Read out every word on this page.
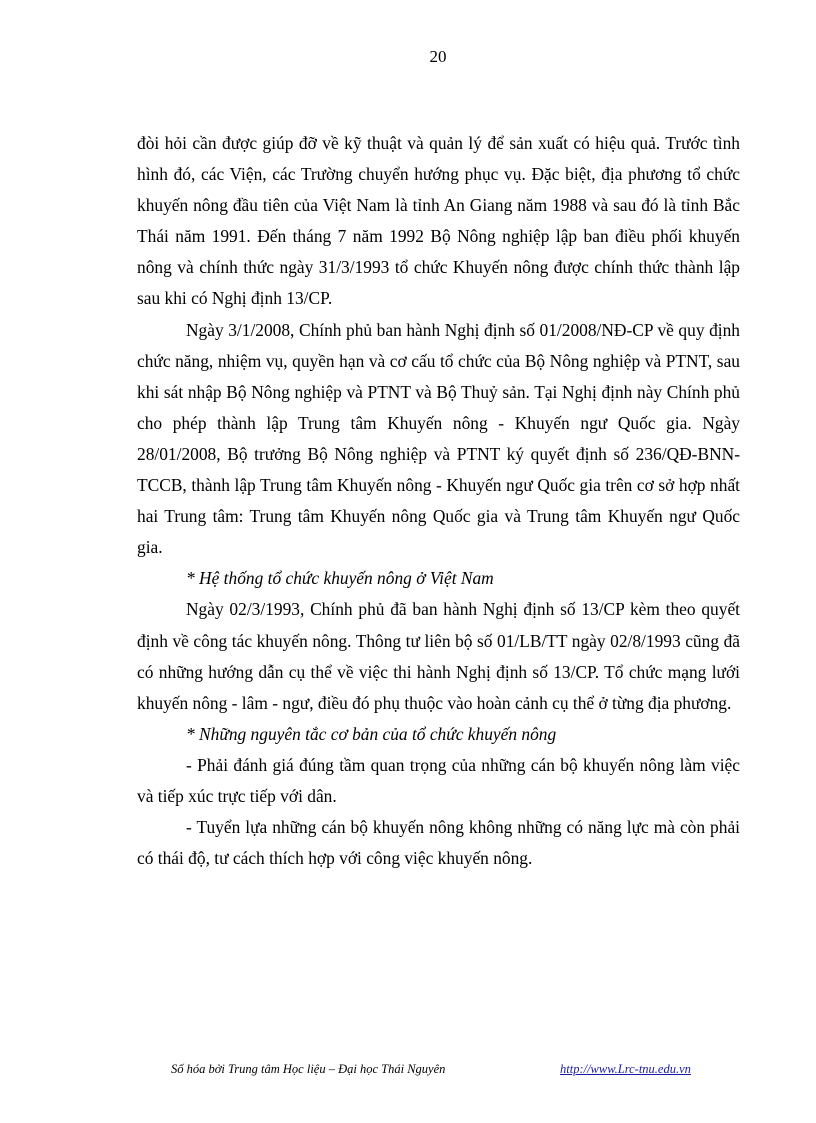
20

đòi hỏi cần được giúp đỡ về kỹ thuật và quản lý để sản xuất có hiệu quả. Trước tình hình đó, các Viện, các Trường chuyển hướng phục vụ. Đặc biệt, địa phương tổ chức khuyến nông đầu tiên của Việt Nam là tỉnh An Giang năm 1988 và sau đó là tỉnh Bắc Thái năm 1991. Đến tháng 7 năm 1992 Bộ Nông nghiệp lập ban điều phối khuyến nông và chính thức ngày 31/3/1993 tổ chức Khuyến nông được chính thức thành lập sau khi có Nghị định 13/CP.

Ngày 3/1/2008, Chính phủ ban hành Nghị định số 01/2008/NĐ-CP về quy định chức năng, nhiệm vụ, quyền hạn và cơ cấu tổ chức của Bộ Nông nghiệp và PTNT, sau khi sát nhập Bộ Nông nghiệp và PTNT và Bộ Thuỷ sản. Tại Nghị định này Chính phủ cho phép thành lập Trung tâm Khuyến nông - Khuyến ngư Quốc gia. Ngày 28/01/2008, Bộ trưởng Bộ Nông nghiệp và PTNT ký quyết định số 236/QĐ-BNN-TCCB, thành lập Trung tâm Khuyến nông - Khuyến ngư Quốc gia trên cơ sở hợp nhất hai Trung tâm: Trung tâm Khuyến nông Quốc gia và Trung tâm Khuyến ngư Quốc gia.

* Hệ thống tổ chức khuyến nông ở Việt Nam

Ngày 02/3/1993, Chính phủ đã ban hành Nghị định số 13/CP kèm theo quyết định về công tác khuyến nông. Thông tư liên bộ số 01/LB/TT ngày 02/8/1993 cũng đã có những hướng dẫn cụ thể về việc thi hành Nghị định số 13/CP. Tổ chức mạng lưới khuyến nông - lâm - ngư, điều đó phụ thuộc vào hoàn cảnh cụ thể ở từng địa phương.

* Những nguyên tắc cơ bản của tổ chức khuyến nông

- Phải đánh giá đúng tầm quan trọng của những cán bộ khuyến nông làm việc và tiếp xúc trực tiếp với dân.

- Tuyển lựa những cán bộ khuyến nông không những có năng lực mà còn phải có thái độ, tư cách thích hợp với công việc khuyến nông.

Số hóa bởi Trung tâm Học liệu – Đại học Thái Nguyên	http://www.Lrc-tnu.edu.vn
